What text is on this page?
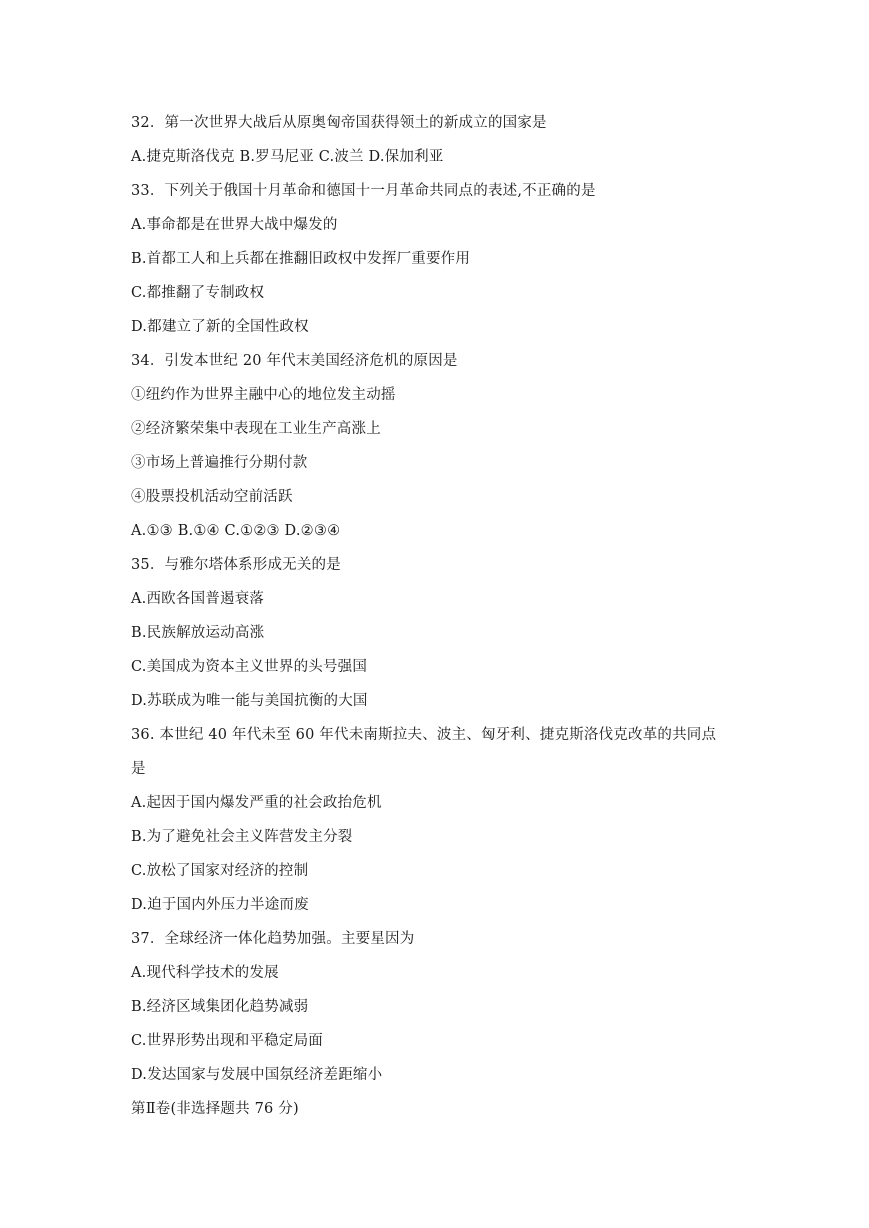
32．第一次世界大战后从原奥匈帝国获得领土的新成立的国家是
A.捷克斯洛伐克 B.罗马尼亚 C.波兰 D.保加利亚
33．下列关于俄国十月革命和德国十一月革命共同点的表述,不正确的是
A.事命都是在世界大战中爆发的
B.首都工人和上兵都在推翻旧政权中发挥厂重要作用
C.都推翻了专制政权
D.都建立了新的全国性政权
34．引发本世纪 20 年代末美国经济危机的原因是
①纽约作为世界主融中心的地位发主动摇
②经济繁荣集中表现在工业生产高涨上
③市场上普遍推行分期付款
④股票投机活动空前活跃
A.①③ B.①④ C.①②③ D.②③④
35．与雅尔塔体系形成无关的是
A.西欧各国普遏衰落
B.民族解放运动高涨
C.美国成为资本主义世界的头号强国
D.苏联成为唯一能与美国抗衡的大国
36. 本世纪 40 年代未至 60 年代未南斯拉夫、波主、匈牙利、捷克斯洛伐克改革的共同点
是
A.起因于国内爆发严重的社会政抬危机
B.为了避免社会主义阵营发主分裂
C.放松了国家对经济的控制
D.迫于国内外压力半途而废
37．全球经济一体化趋势加强。主要星因为
A.现代科学技术的发展
B.经济区域集团化趋势减弱
C.世界形势出现和平稳定局面
D.发达国家与发展中国氛经济差距缩小
第Ⅱ卷(非选择题共 76 分)
